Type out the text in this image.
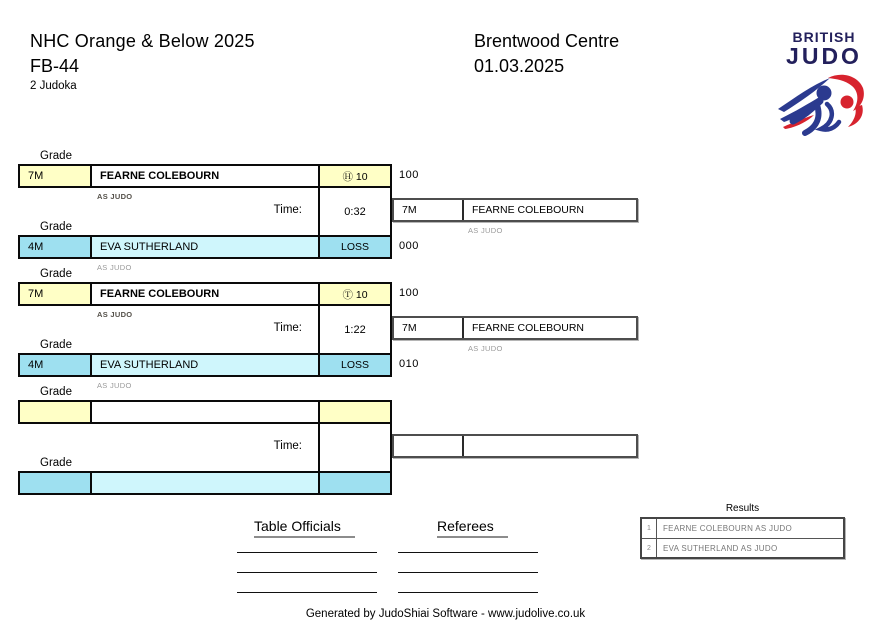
NHC Orange & Below 2025
FB-44
2 Judoka
Brentwood Centre
01.03.2025
BRITISH
JUDO
Grade
7M	FEARNE COLEBOURN	Ⓗ 10	100
AS JUDO
Time:	0:32	7M	FEARNE COLEBOURN
AS JUDO
Grade
4M	EVA SUTHERLAND	LOSS	000
AS JUDO
Grade
7M	FEARNE COLEBOURN	Ⓣ 10	100
AS JUDO
Time:	1:22	7M	FEARNE COLEBOURN
AS JUDO
Grade
4M	EVA SUTHERLAND	LOSS	010
AS JUDO
Grade
Time:
Grade
Results
1	FEARNE COLEBOURN AS JUDO
2	EVA SUTHERLAND AS JUDO
Table Officials	Referees
Generated by JudoShiai Software - www.judolive.co.uk
